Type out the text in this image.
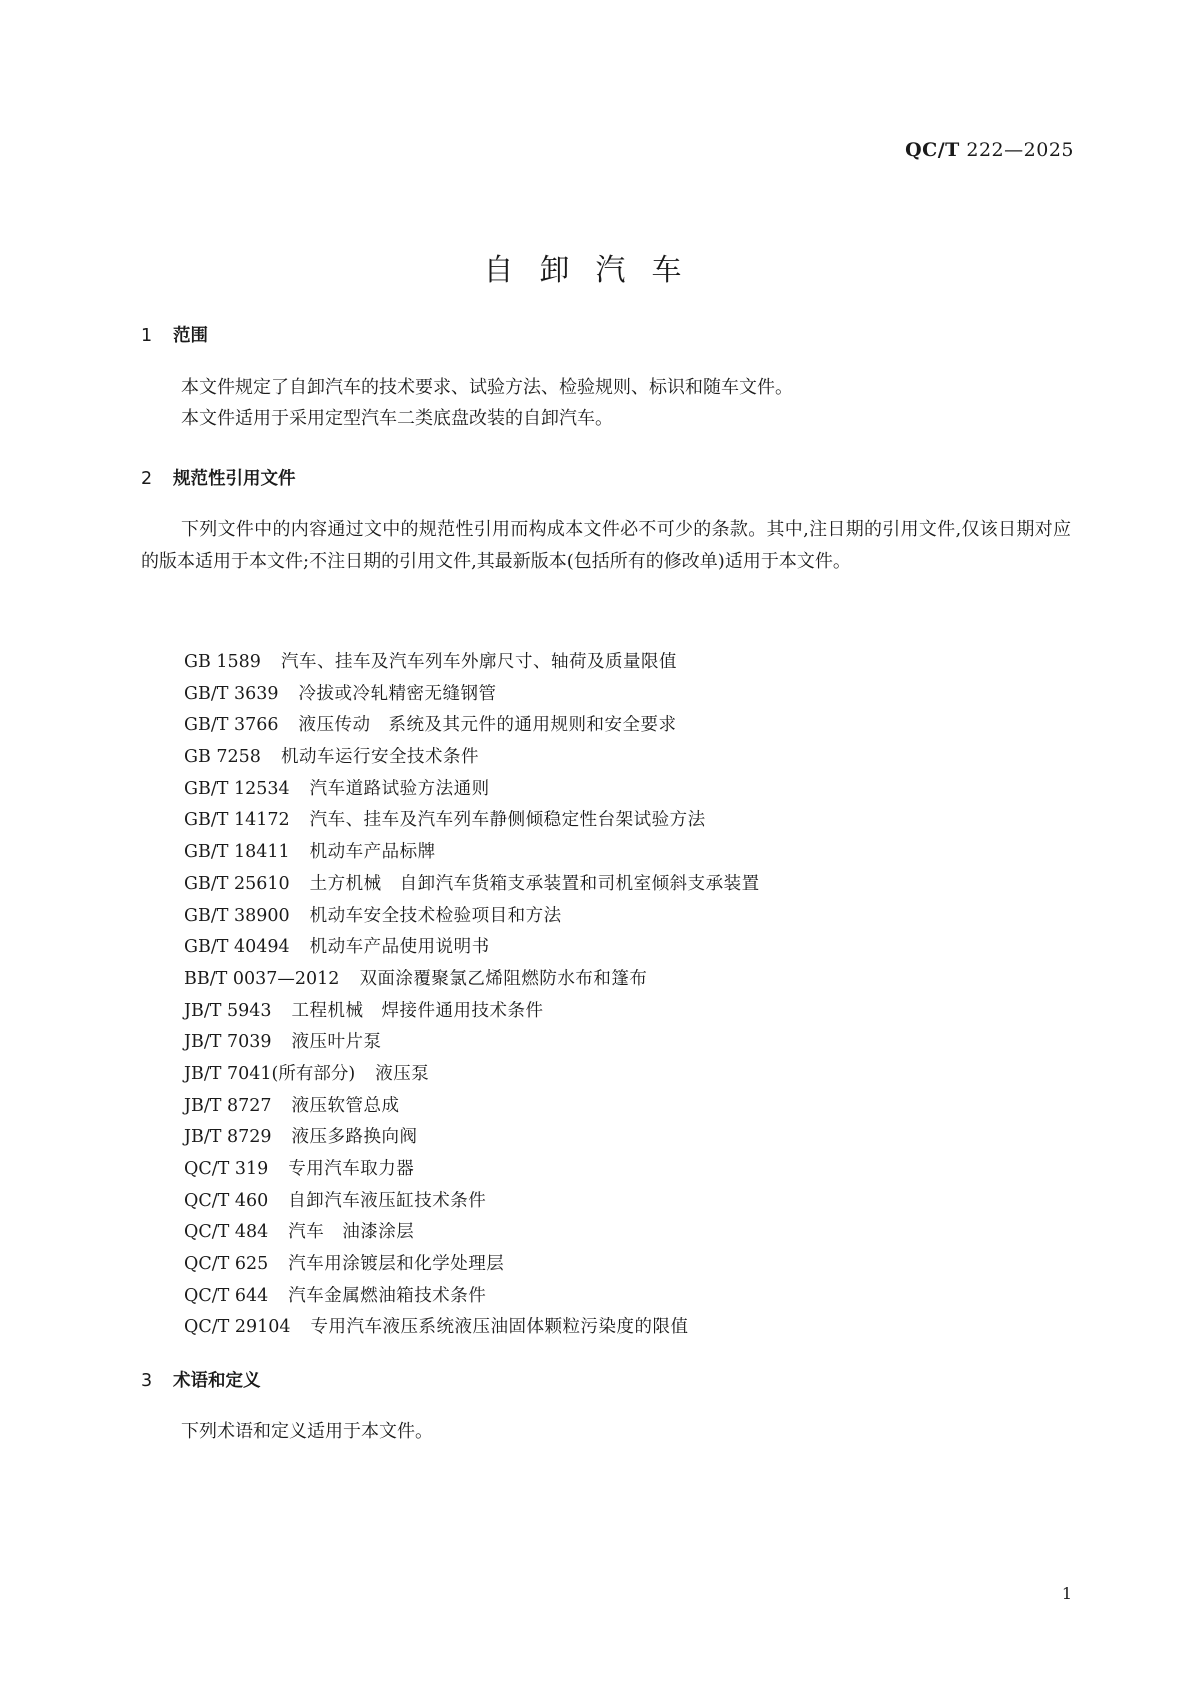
QC/T 222—2025
自卸汽车
1 范围
本文件规定了自卸汽车的技术要求、试验方法、检验规则、标识和随车文件。
本文件适用于采用定型汽车二类底盘改装的自卸汽车。
2 规范性引用文件
下列文件中的内容通过文中的规范性引用而构成本文件必不可少的条款。其中,注日期的引用文件,仅该日期对应的版本适用于本文件;不注日期的引用文件,其最新版本(包括所有的修改单)适用于本文件。
GB 1589 汽车、挂车及汽车列车外廓尺寸、轴荷及质量限值
GB/T 3639 冷拔或冷轧精密无缝钢管
GB/T 3766 液压传动　系统及其元件的通用规则和安全要求
GB 7258 机动车运行安全技术条件
GB/T 12534 汽车道路试验方法通则
GB/T 14172 汽车、挂车及汽车列车静侧倾稳定性台架试验方法
GB/T 18411 机动车产品标牌
GB/T 25610 土方机械　自卸汽车货箱支承装置和司机室倾斜支承装置
GB/T 38900 机动车安全技术检验项目和方法
GB/T 40494 机动车产品使用说明书
BB/T 0037—2012 双面涂覆聚氯乙烯阻燃防水布和篷布
JB/T 5943 工程机械　焊接件通用技术条件
JB/T 7039 液压叶片泵
JB/T 7041(所有部分) 液压泵
JB/T 8727 液压软管总成
JB/T 8729 液压多路换向阀
QC/T 319 专用汽车取力器
QC/T 460 自卸汽车液压缸技术条件
QC/T 484 汽车　油漆涂层
QC/T 625 汽车用涂镀层和化学处理层
QC/T 644 汽车金属燃油箱技术条件
QC/T 29104 专用汽车液压系统液压油固体颗粒污染度的限值
3 术语和定义
下列术语和定义适用于本文件。
1
